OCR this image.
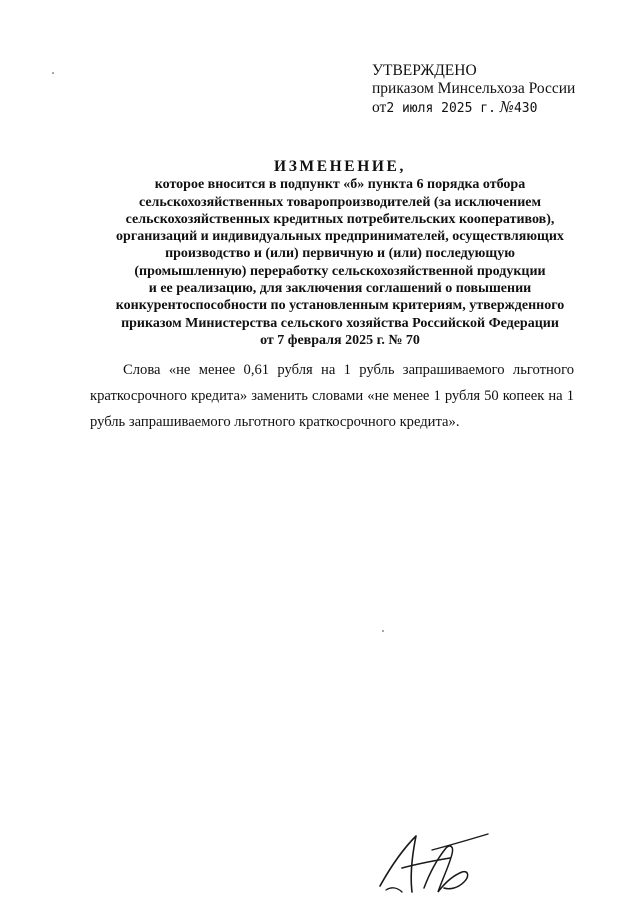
УТВЕРЖДЕНО
приказом Минсельхоза России
от2 июля 2025 г. №430
ИЗМЕНЕНИЕ,
которое вносится в подпункт «б» пункта 6 порядка отбора
сельскохозяйственных товаропроизводителей (за исключением
сельскохозяйственных кредитных потребительских кооперативов),
организаций и индивидуальных предпринимателей, осуществляющих
производство и (или) первичную и (или) последующую
(промышленную) переработку сельскохозяйственной продукции
и ее реализацию, для заключения соглашений о повышении
конкурентоспособности по установленным критериям, утвержденного
приказом Министерства сельского хозяйства Российской Федерации
от 7 февраля 2025 г. № 70
Слова «не менее 0,61 рубля на 1 рубль запрашиваемого льготного краткосрочного кредита» заменить словами «не менее 1 рубля 50 копеек на 1 рубль запрашиваемого льготного краткосрочного кредита».
